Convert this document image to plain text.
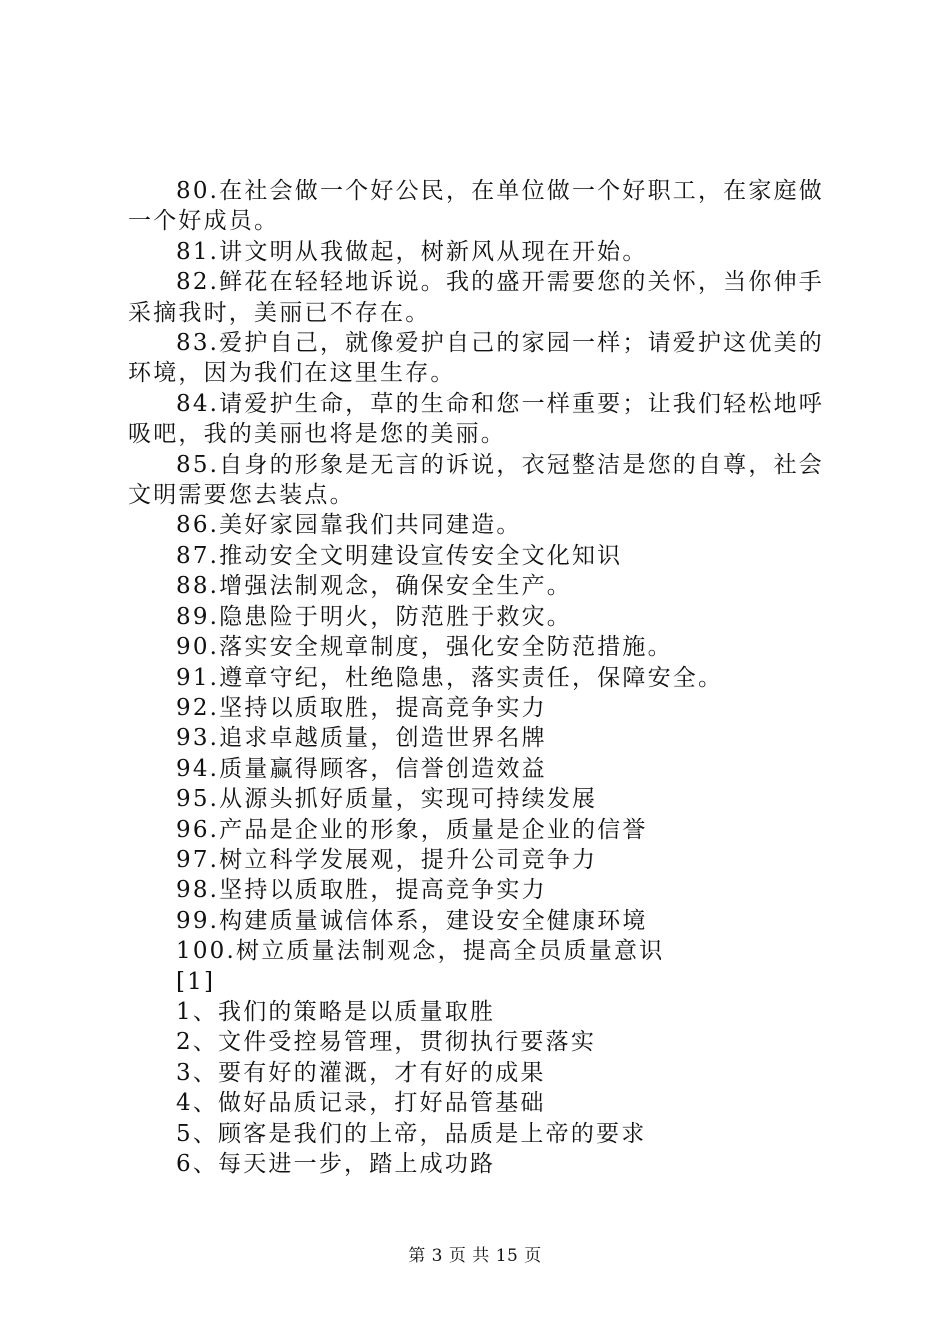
80.在社会做一个好公民，在单位做一个好职工，在家庭做一个好成员。

81.讲文明从我做起，树新风从现在开始。

82.鲜花在轻轻地诉说。我的盛开需要您的关怀，当你伸手采摘我时，美丽已不存在。

83.爱护自己，就像爱护自己的家园一样；请爱护这优美的环境，因为我们在这里生存。

84.请爱护生命，草的生命和您一样重要；让我们轻松地呼吸吧，我的美丽也将是您的美丽。

85.自身的形象是无言的诉说，衣冠整洁是您的自尊，社会文明需要您去装点。

86.美好家园靠我们共同建造。

87.推动安全文明建设宣传安全文化知识

88.增强法制观念，确保安全生产。

89.隐患险于明火，防范胜于救灾。

90.落实安全规章制度，强化安全防范措施。

91.遵章守纪，杜绝隐患，落实责任，保障安全。

92.坚持以质取胜，提高竞争实力

93.追求卓越质量，创造世界名牌

94.质量赢得顾客，信誉创造效益

95.从源头抓好质量，实现可持续发展

96.产品是企业的形象，质量是企业的信誉

97.树立科学发展观，提升公司竞争力

98.坚持以质取胜，提高竞争实力

99.构建质量诚信体系，建设安全健康环境

100.树立质量法制观念，提高全员质量意识

[1]

1、我们的策略是以质量取胜

2、文件受控易管理，贯彻执行要落实

3、要有好的灌溉，才有好的成果

4、做好品质记录，打好品管基础

5、顾客是我们的上帝，品质是上帝的要求

6、每天进一步，踏上成功路

第 3 页 共 15 页
